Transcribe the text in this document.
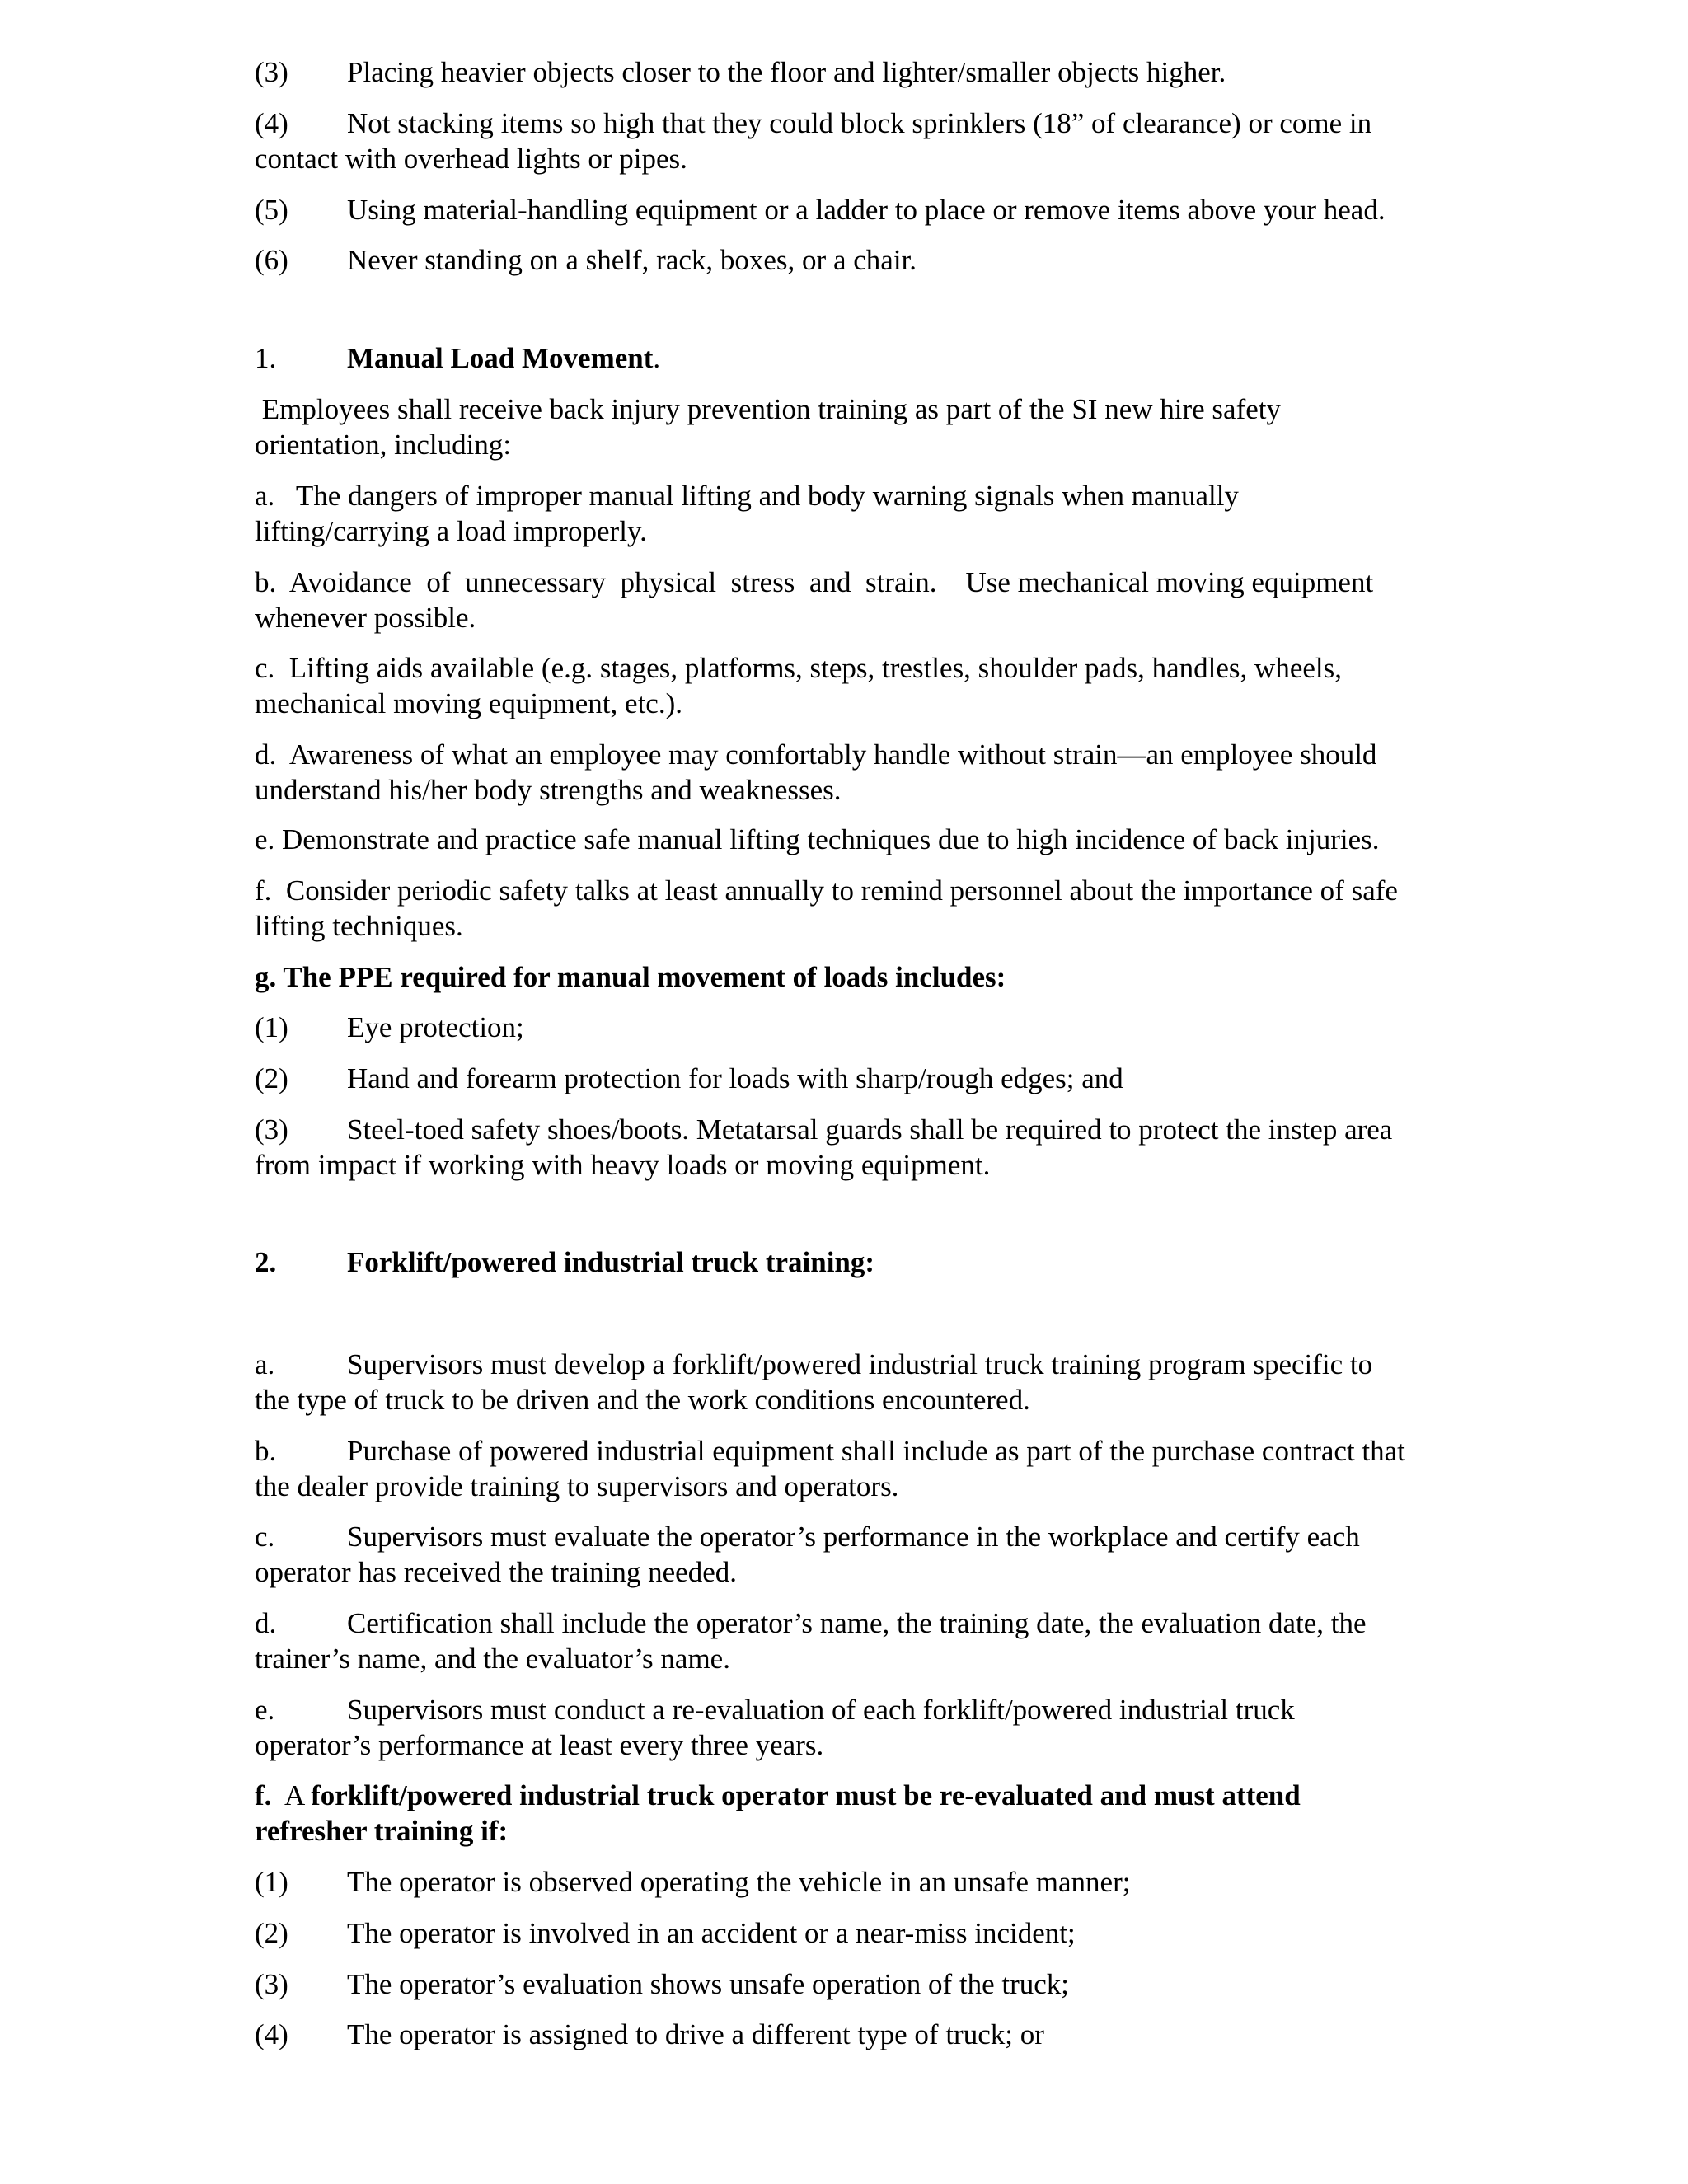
(3) Placing heavier objects closer to the floor and lighter/smaller objects higher.
(4) Not stacking items so high that they could block sprinklers (18” of clearance) or come in
contact with overhead lights or pipes.
(5) Using material-handling equipment or a ladder to place or remove items above your head.
(6) Never standing on a shelf, rack, boxes, or a chair.
1. Manual Load Movement.
Employees shall receive back injury prevention training as part of the SI new hire safety
orientation, including:
a.   The dangers of improper manual lifting and body warning signals when manually
lifting/carrying a load improperly.
b.  Avoidance  of  unnecessary  physical  stress  and  strain.    Use mechanical moving equipment
whenever possible.
c.  Lifting aids available (e.g. stages, platforms, steps, trestles, shoulder pads, handles, wheels,
mechanical moving equipment, etc.).
d.  Awareness of what an employee may comfortably handle without strain—an employee should
understand his/her body strengths and weaknesses.
e. Demonstrate and practice safe manual lifting techniques due to high incidence of back injuries.
f.  Consider periodic safety talks at least annually to remind personnel about the importance of safe
lifting techniques.
g. The PPE required for manual movement of loads includes:
(1) Eye protection;
(2) Hand and forearm protection for loads with sharp/rough edges; and
(3) Steel-toed safety shoes/boots. Metatarsal guards shall be required to protect the instep area
from impact if working with heavy loads or moving equipment.
2. Forklift/powered industrial truck training:
a.	Supervisors must develop a forklift/powered industrial truck training program specific to
the type of truck to be driven and the work conditions encountered.
b. Purchase of powered industrial equipment shall include as part of the purchase contract that
the dealer provide training to supervisors and operators.
c.	Supervisors must evaluate the operator’s performance in the workplace and certify each
operator has received the training needed.
d. Certification shall include the operator’s name, the training date, the evaluation date, the
trainer’s name, and the evaluator’s name.
e.	Supervisors must conduct a re-evaluation of each forklift/powered industrial truck
operator’s performance at least every three years.
f.  A forklift/powered industrial truck operator must be re-evaluated and must attend
refresher training if:
(1) The operator is observed operating the vehicle in an unsafe manner;
(2) The operator is involved in an accident or a near-miss incident;
(3) The operator’s evaluation shows unsafe operation of the truck;
(4) The operator is assigned to drive a different type of truck; or
